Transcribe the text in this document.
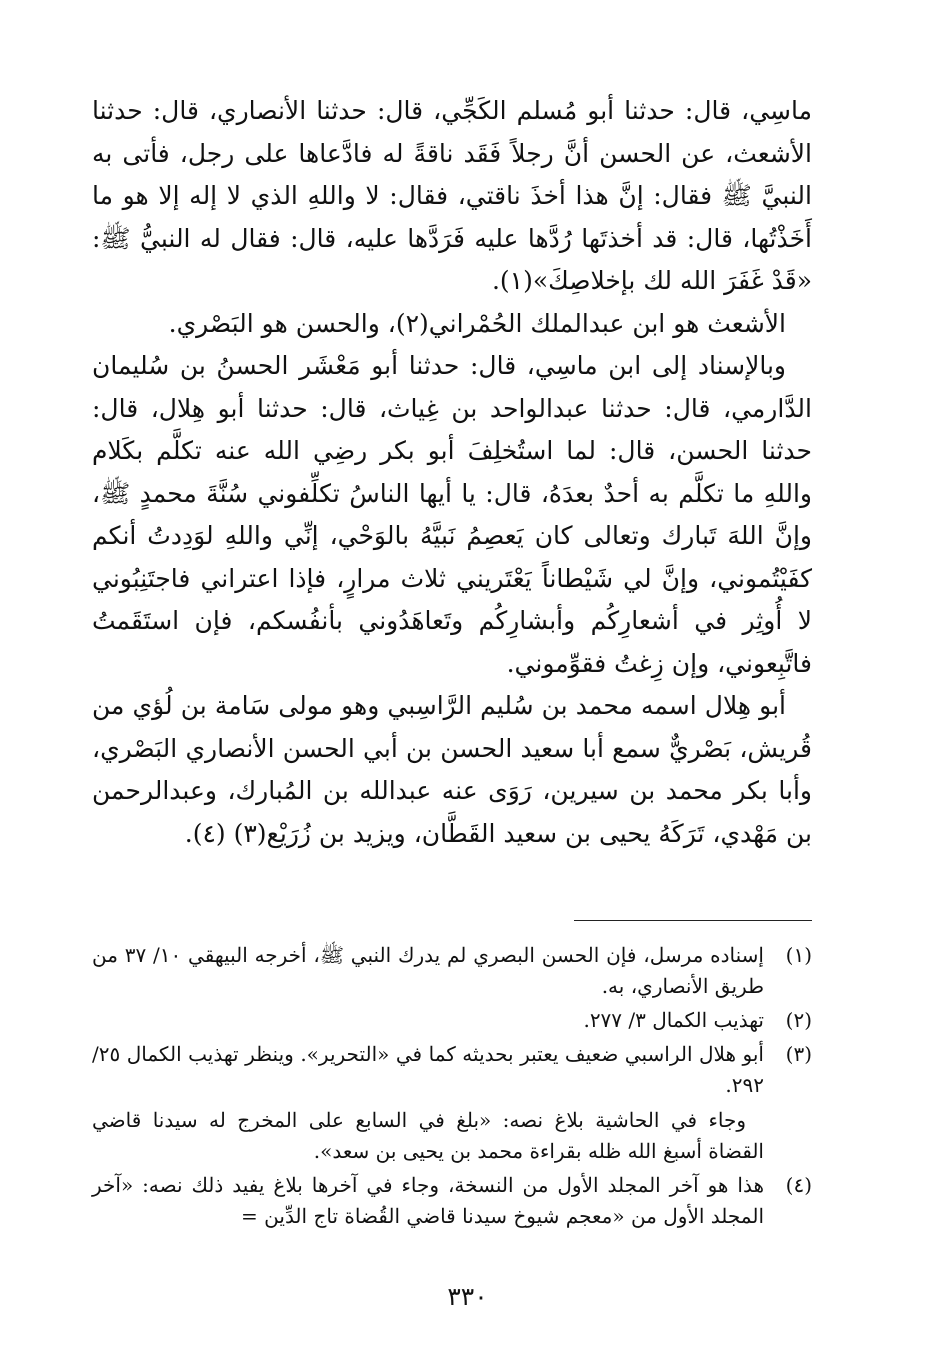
ماسِي، قال: حدثنا أبو مُسلم الكَجِّي، قال: حدثنا الأنصاري، قال: حدثنا الأشعث، عن الحسن أنَّ رجلاً فَقَد ناقةً له فادَّعاها على رجل، فأتى به النبيَّ ﷺ فقال: إنَّ هذا أخذَ ناقتي، فقال: لا واللهِ الذي لا إله إلا هو ما أَخَذْتُها، قال: قد أخذتَها رُدَّها عليه فَرَدَّها عليه، قال: فقال له النبيُّ ﷺ: «قَدْ غَفَرَ الله لك بإخلاصِكَ»(١).

الأشعث هو ابن عبدالملك الحُمْراني(٢)، والحسن هو البَصْري.

وبالإسناد إلى ابن ماسِي، قال: حدثنا أبو مَعْشَر الحسنُ بن سُليمان الدَّارمي، قال: حدثنا عبدالواحد بن غِياث، قال: حدثنا أبو هِلال، قال: حدثنا الحسن، قال: لما استُخلِفَ أبو بكر رضِي الله عنه تكلَّم بكَلام واللهِ ما تكلَّم به أحدٌ بعدَهُ، قال: يا أيها الناسُ تكلِّفوني سُنَّةَ محمدٍ ﷺ، وإنَّ اللهَ تَبارك وتعالى كان يَعصِمُ نَبيَّهُ بالوَحْي، إنِّي واللهِ لوَدِدتُ أنكم كفَيْتُموني، وإنَّ لي شَيْطاناً يَعْتَريني ثلاث مرارٍ، فإذا اعتراني فاجتَنِبُوني لا أُوثِر في أشعارِكُم وأبشارِكُم وتَعاهَدُوني بأنفُسكم، فإن استَقَمتُ فاتَّبِعوني، وإن زِغتُ فقوِّموني.

أبو هِلال اسمه محمد بن سُليم الرَّاسِبي وهو مولى سَامة بن لُؤي من قُريش، بَصْريٌّ سمع أبا سعيد الحسن بن أبي الحسن الأنصاري البَصْري، وأبا بكر محمد بن سيرين، رَوَى عنه عبدالله بن المُبارك، وعبدالرحمن بن مَهْدي، تَرَكَهُ يحيى بن سعيد القَطَّان، ويزيد بن زُرَيْع(٣) (٤).

(١)
إسناده مرسل، فإن الحسن البصري لم يدرك النبي ﷺ، أخرجه البيهقي ١٠/ ٣٧ من طريق الأنصاري، به.
(٢)
تهذيب الكمال ٣/ ٢٧٧.
(٣)
أبو هلال الراسبي ضعيف يعتبر بحديثه كما في «التحرير». وينظر تهذيب الكمال ٢٥/ ٢٩٢.
وجاء في الحاشية بلاغ نصه: «بلغ في السابع على المخرج له سيدنا قاضي القضاة أسبغ الله ظله بقراءة محمد بن يحيى بن سعد».
(٤)
هذا هو آخر المجلد الأول من النسخة، وجاء في آخرها بلاغ يفيد ذلك نصه: «آخر المجلد الأول من «معجم شيوخ سيدنا قاضي القُضاة تاج الدِّين =
٣٣٠
